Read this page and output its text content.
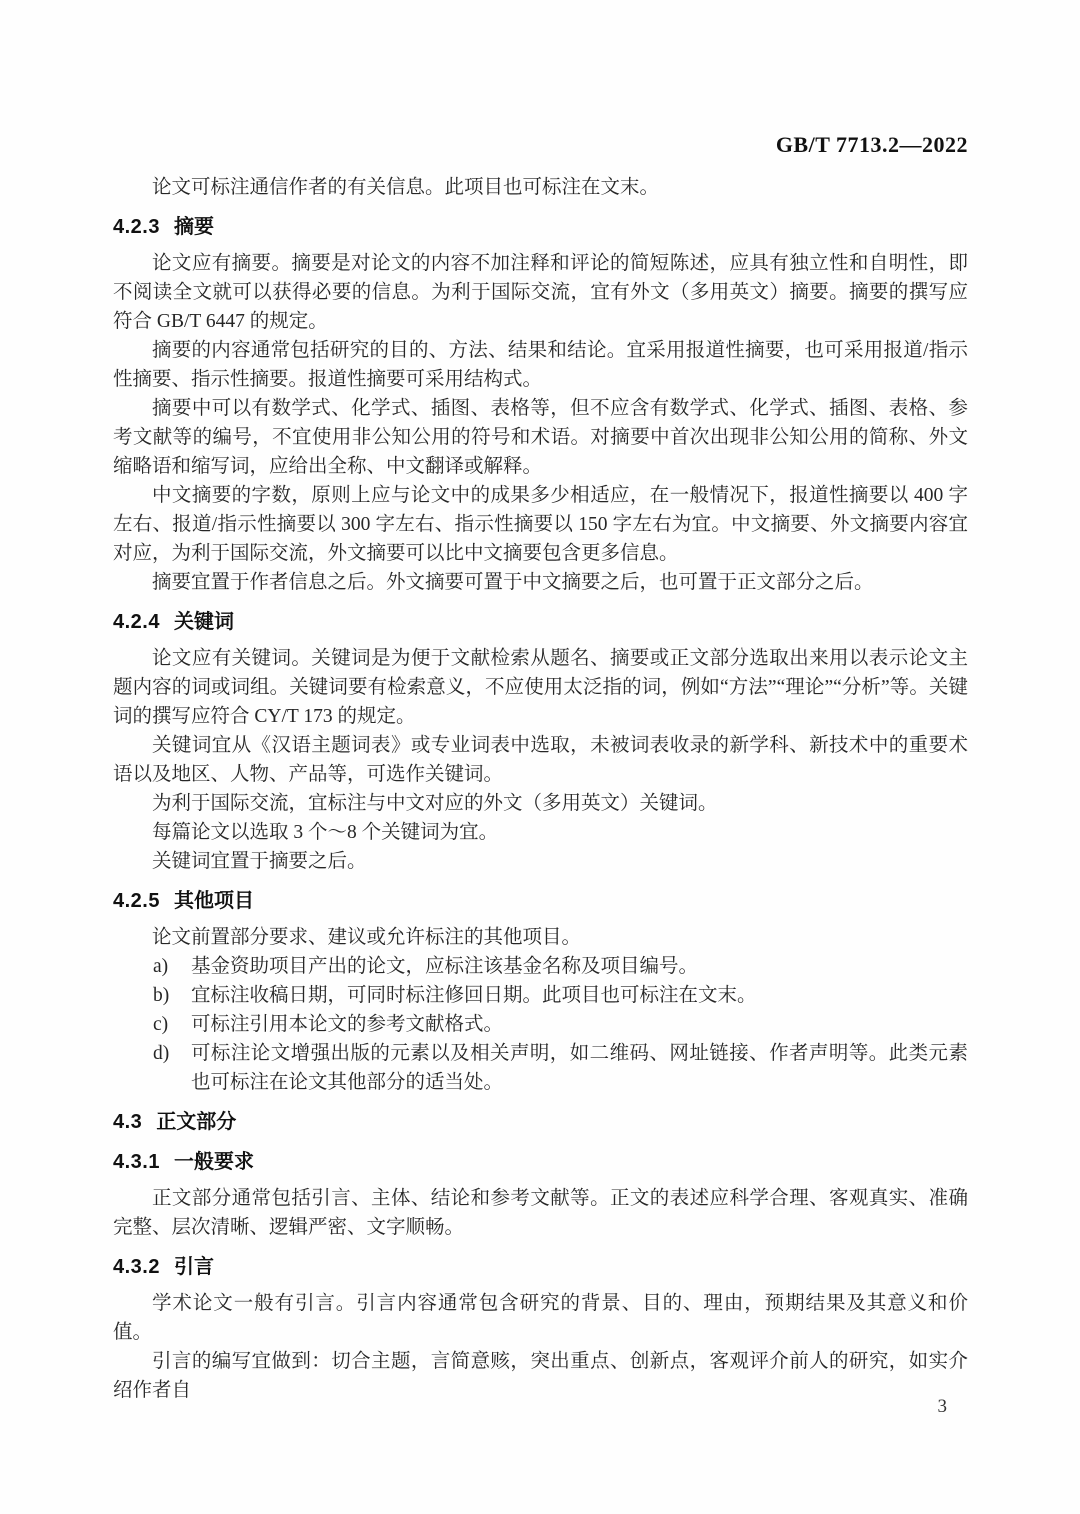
GB/T 7713.2—2022

论文可标注通信作者的有关信息。此项目也可标注在文末。

4.2.3 摘要

论文应有摘要。摘要是对论文的内容不加注释和评论的简短陈述，应具有独立性和自明性，即不阅读全文就可以获得必要的信息。为利于国际交流，宜有外文（多用英文）摘要。摘要的撰写应符合 GB/T 6447 的规定。

摘要的内容通常包括研究的目的、方法、结果和结论。宜采用报道性摘要，也可采用报道/指示性摘要、指示性摘要。报道性摘要可采用结构式。

摘要中可以有数学式、化学式、插图、表格等，但不应含有数学式、化学式、插图、表格、参考文献等的编号，不宜使用非公知公用的符号和术语。对摘要中首次出现非公知公用的简称、外文缩略语和缩写词，应给出全称、中文翻译或解释。

中文摘要的字数，原则上应与论文中的成果多少相适应，在一般情况下，报道性摘要以 400 字左右、报道/指示性摘要以 300 字左右、指示性摘要以 150 字左右为宜。中文摘要、外文摘要内容宜对应，为利于国际交流，外文摘要可以比中文摘要包含更多信息。

摘要宜置于作者信息之后。外文摘要可置于中文摘要之后，也可置于正文部分之后。

4.2.4 关键词

论文应有关键词。关键词是为便于文献检索从题名、摘要或正文部分选取出来用以表示论文主题内容的词或词组。关键词要有检索意义，不应使用太泛指的词，例如“方法”“理论”“分析”等。关键词的撰写应符合 CY/T 173 的规定。

关键词宜从《汉语主题词表》或专业词表中选取，未被词表收录的新学科、新技术中的重要术语以及地区、人物、产品等，可选作关键词。

为利于国际交流，宜标注与中文对应的外文（多用英文）关键词。

每篇论文以选取 3 个～8 个关键词为宜。

关键词宜置于摘要之后。

4.2.5 其他项目

论文前置部分要求、建议或允许标注的其他项目。

a) 基金资助项目产出的论文，应标注该基金名称及项目编号。
b) 宜标注收稿日期，可同时标注修回日期。此项目也可标注在文末。
c) 可标注引用本论文的参考文献格式。
d) 可标注论文增强出版的元素以及相关声明，如二维码、网址链接、作者声明等。此类元素也可标注在论文其他部分的适当处。
4.3 正文部分
4.3.1 一般要求

正文部分通常包括引言、主体、结论和参考文献等。正文的表述应科学合理、客观真实、准确完整、层次清晰、逻辑严密、文字顺畅。

4.3.2 引言

学术论文一般有引言。引言内容通常包含研究的背景、目的、理由，预期结果及其意义和价值。

引言的编写宜做到：切合主题，言简意赅，突出重点、创新点，客观评介前人的研究，如实介绍作者自

3
